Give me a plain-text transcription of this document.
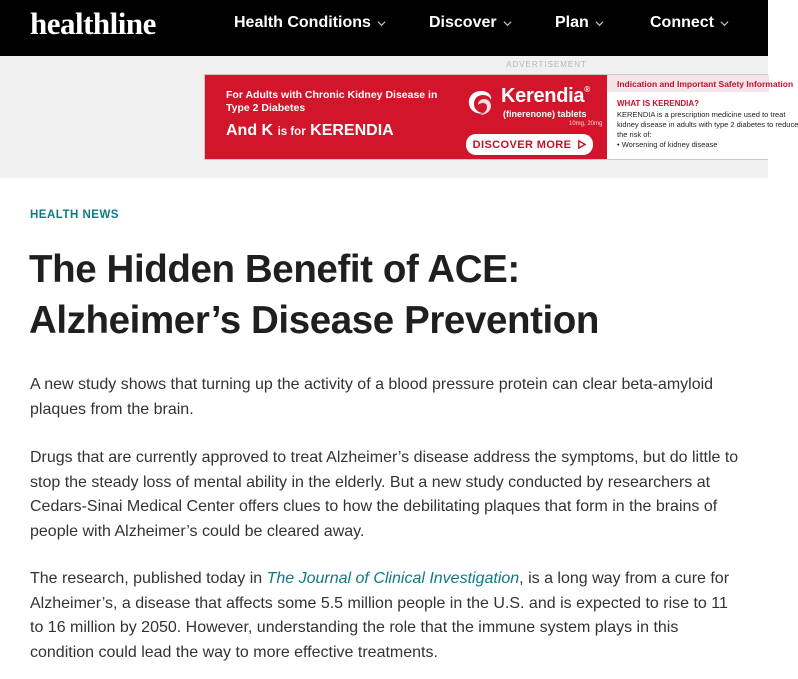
healthline	Health Conditions	Discover	Plan	Connect
ADVERTISEMENT
For Adults with Chronic Kidney Disease in Type 2 Diabetes
And K is for KERENDIA
Kerendia®
(finerenone) tablets
10mg, 20mg
DISCOVER MORE
Indication and Important Safety Information
WHAT IS KERENDIA?
KERENDIA is a prescription medicine used to treat
kidney disease in adults with type 2 diabetes to reduce
the risk of:
• Worsening of kidney disease
HEALTH NEWS
The Hidden Benefit of ACE:
Alzheimer’s Disease Prevention

A new study shows that turning up the activity of a blood pressure protein can clear beta-amyloid plaques from the brain.

Drugs that are currently approved to treat Alzheimer’s disease address the symptoms, but do little to stop the steady loss of mental ability in the elderly. But a new study conducted by researchers at Cedars-Sinai Medical Center offers clues to how the debilitating plaques that form in the brains of people with Alzheimer’s could be cleared away.

The research, published today in The Journal of Clinical Investigation, is a long way from a cure for Alzheimer’s, a disease that affects some 5.5 million people in the U.S. and is expected to rise to 11 to 16 million by 2050. However, understanding the role that the immune system plays in this condition could lead the way to more effective treatments.
